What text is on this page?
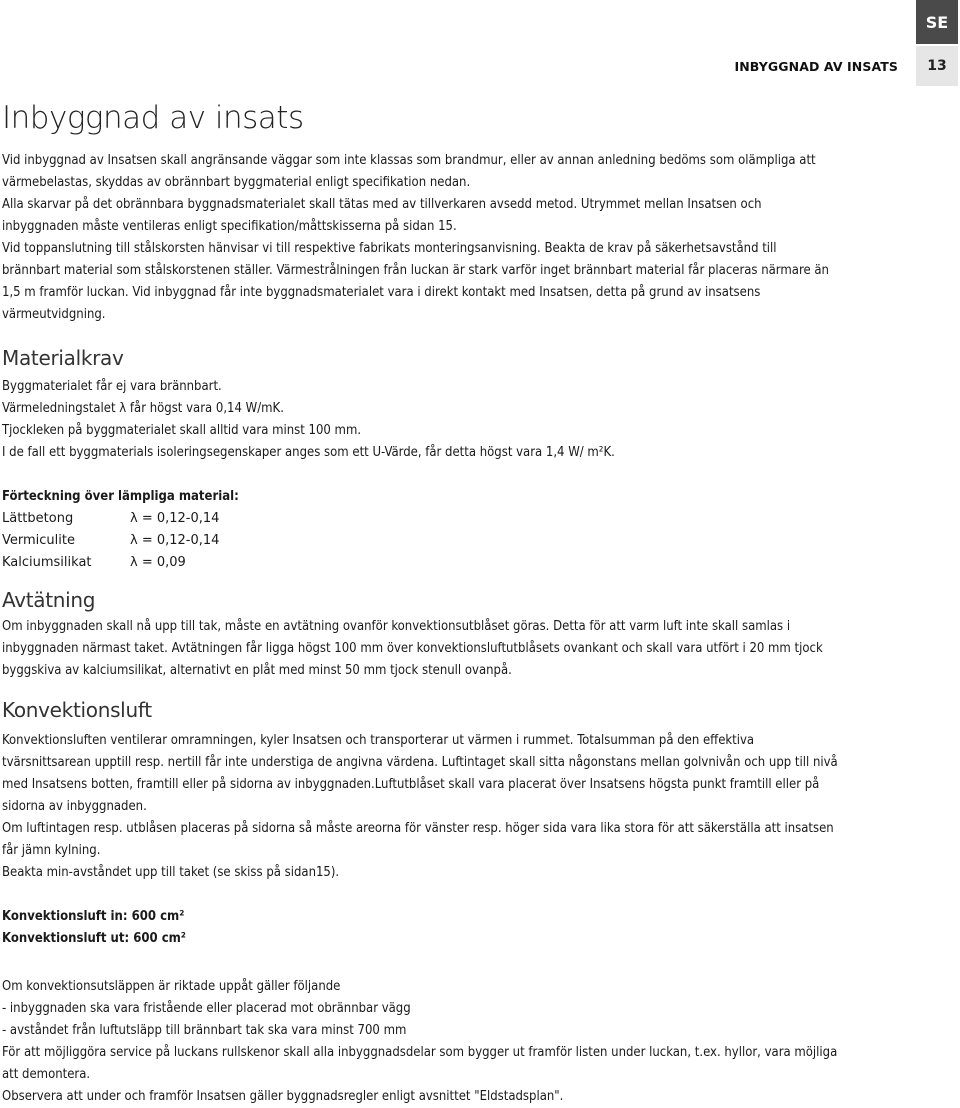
SE
13
INBYGGNAD AV INSATS
Inbyggnad av insats
Vid inbyggnad av Insatsen skall angränsande väggar som inte klassas som brandmur, eller av annan anledning bedöms som olämpliga att värmebelastas, skyddas av obrännbart byggmaterial enligt specifikation nedan.
Alla skarvar på det obrännbara byggnadsmaterialet skall tätas med av tillverkaren avsedd metod. Utrymmet mellan Insatsen och inbyggnaden måste ventileras enligt specifikation/måttskisserna på sidan 15.
Vid toppanslutning till stålskorsten hänvisar vi till respektive fabrikats monteringsanvisning. Beakta de krav på säkerhetsavstånd till brännbart material som stålskorstenen ställer. Värmestrålningen från luckan är stark varför inget brännbart material får placeras närmare än 1,5 m framför luckan. Vid inbyggnad får inte byggnadsmaterialet vara i direkt kontakt med Insatsen, detta på grund av insatsens värmeutvidgning.
Materialkrav
Byggmaterialet får ej vara brännbart.
Värmeledningstalet λ får högst vara 0,14 W/mK.
Tjockleken på byggmaterialet skall alltid vara minst 100 mm.
I de fall ett byggmaterials isoleringsegenskaper anges som ett U-Värde, får detta högst vara 1,4 W/ m²K.
Förteckning över lämpliga material:
Lättbetong	λ = 0,12-0,14
Vermiculite	λ = 0,12-0,14
Kalciumsilikat	λ = 0,09
Avtätning
Om inbyggnaden skall nå upp till tak, måste en avtätning ovanför konvektionsutblåset göras. Detta för att varm luft inte skall samlas i inbyggnaden närmast taket. Avtätningen får ligga högst 100 mm över konvektionsluftutblåsets ovankant och skall vara utfört i 20 mm tjock byggskiva av kalciumsilikat, alternativt en plåt med minst 50 mm tjock stenull ovanpå.
Konvektionsluft
Konvektionsluften ventilerar omramningen, kyler Insatsen och transporterar ut värmen i rummet. Totalsumman på den effektiva tvärsnittsarean upptill resp. nertill får inte understiga de angivna värdena. Luftintaget skall sitta någonstans mellan golvnivån och upp till nivå med Insatsens botten, framtill eller på sidorna av inbyggnaden.Luftutblåset skall vara placerat över Insatsens högsta punkt framtill eller på sidorna av inbyggnaden.
Om luftintagen resp. utblåsen placeras på sidorna så måste areorna för vänster resp. höger sida vara lika stora för att säkerställa att insatsen får jämn kylning.
Beakta min-avståndet upp till taket (se skiss på sidan15).
Konvektionsluft in: 600 cm²
Konvektionsluft ut: 600 cm²
Om konvektionsutsläppen är riktade uppåt gäller följande
- inbyggnaden ska vara fristående eller placerad mot obrännbar vägg
- avståndet från luftutsläpp till brännbart tak ska vara minst 700 mm
För att möjliggöra service på luckans rullskenor skall alla inbyggnadsdelar som bygger ut framför listen under luckan, t.ex. hyllor, vara möjliga att demontera.
Observera att under och framför Insatsen gäller byggnadsregler enligt avsnittet "Eldstadsplan".
